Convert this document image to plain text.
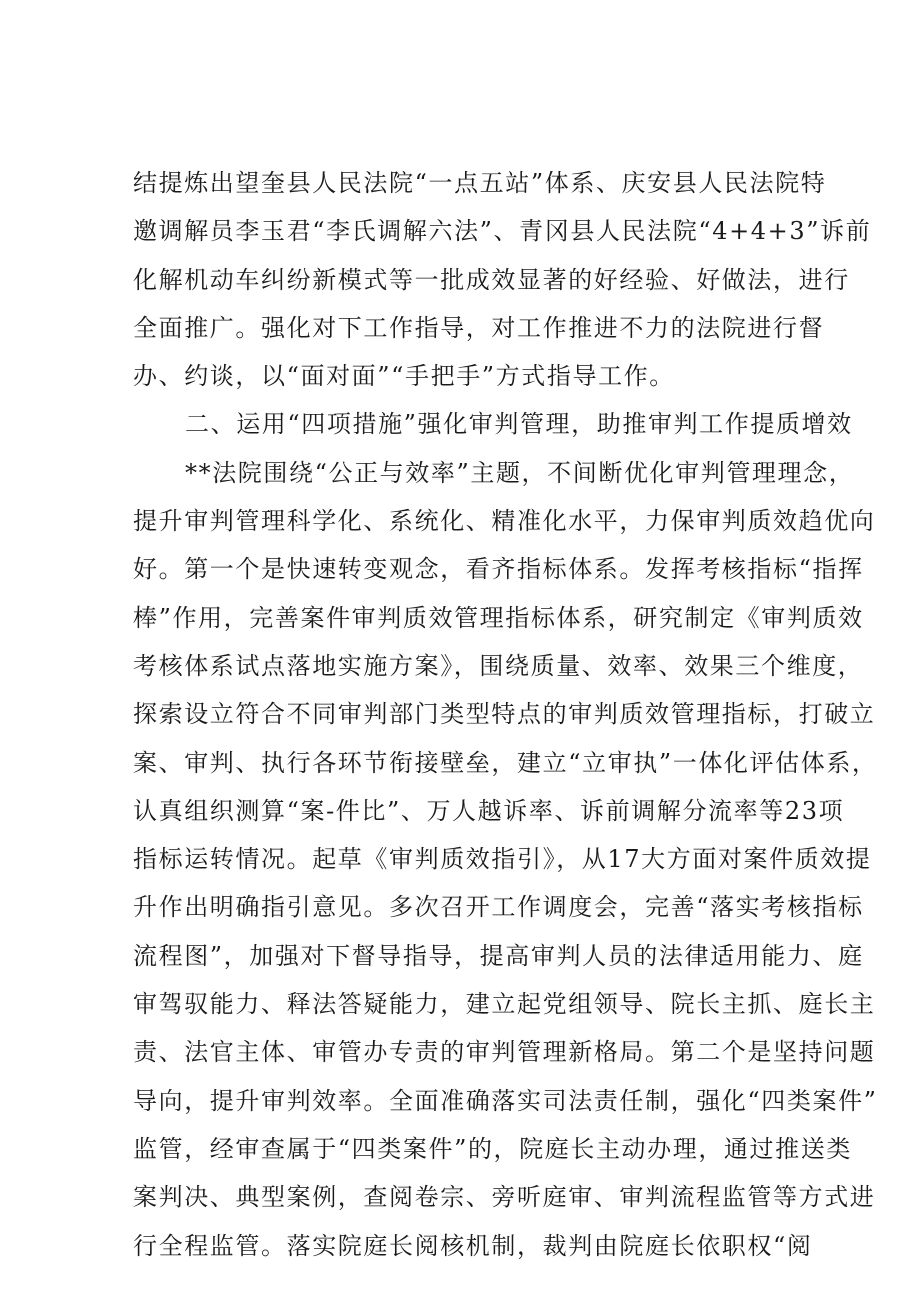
结提炼出望奎县人民法院“一点五站”体系、庆安县人民法院特
邀调解员李玉君“李氏调解六法”、青冈县人民法院“4+4+3”诉前
化解机动车纠纷新模式等一批成效显著的好经验、好做法，进行
全面推广。强化对下工作指导，对工作推进不力的法院进行督
办、约谈，以“面对面”“手把手”方式指导工作。
二、运用“四项措施”强化审判管理，助推审判工作提质增效
**法院围绕“公正与效率”主题，不间断优化审判管理理念，
提升审判管理科学化、系统化、精准化水平，力保审判质效趋优向
好。第一个是快速转变观念，看齐指标体系。发挥考核指标“指挥
棒”作用，完善案件审判质效管理指标体系，研究制定《审判质效
考核体系试点落地实施方案》，围绕质量、效率、效果三个维度，
探索设立符合不同审判部门类型特点的审判质效管理指标，打破立
案、审判、执行各环节衔接壁垒，建立“立审执”一体化评估体系，
认真组织测算“案-件比”、万人越诉率、诉前调解分流率等23项
指标运转情况。起草《审判质效指引》，从17大方面对案件质效提
升作出明确指引意见。多次召开工作调度会，完善“落实考核指标
流程图”，加强对下督导指导，提高审判人员的法律适用能力、庭
审驾驭能力、释法答疑能力，建立起党组领导、院长主抓、庭长主
责、法官主体、审管办专责的审判管理新格局。第二个是坚持问题
导向，提升审判效率。全面准确落实司法责任制，强化“四类案件”
监管，经审查属于“四类案件”的，院庭长主动办理，通过推送类
案判决、典型案例，查阅卷宗、旁听庭审、审判流程监管等方式进
行全程监管。落实院庭长阅核机制，裁判由院庭长依职权“阅
